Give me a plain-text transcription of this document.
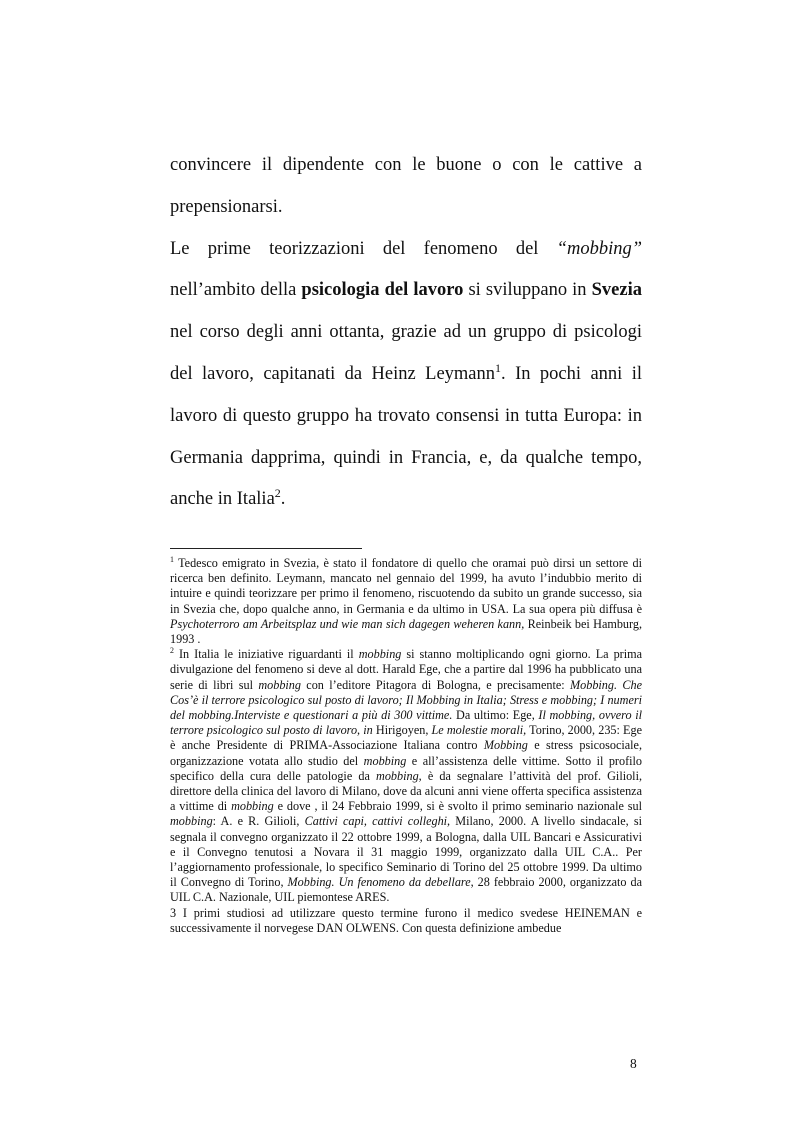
convincere il dipendente con le buone o con le cattive a prepensionarsi.

Le prime teorizzazioni del fenomeno del “mobbing” nell’ambito della psicologia del lavoro si sviluppano in Svezia nel corso degli anni ottanta, grazie ad un gruppo di psicologi del lavoro, capitanati da Heinz Leymann$^1$. In pochi anni il lavoro di questo gruppo ha trovato consensi in tutta Europa: in Germania dapprima, quindi in Francia, e, da qualche tempo, anche in Italia$^2$.

$^1$ Tedesco emigrato in Svezia, è stato il fondatore di quello che oramai può dirsi un settore di ricerca ben definito. Leymann, mancato nel gennaio del 1999, ha avuto l’indubbio merito di intuire e quindi teorizzare per primo il fenomeno, riscuotendo da subito un grande successo, sia in Svezia che, dopo qualche anno, in Germania e da ultimo in USA. La sua opera più diffusa è Psychoterroro am Arbeitsplaz und wie man sich dagegen weheren kann, Reinbeik bei Hamburg, 1993 .

$^2$ In Italia le iniziative riguardanti il mobbing si stanno moltiplicando ogni giorno. La prima divulgazione del fenomeno si deve al dott. Harald Ege, che a partire dal 1996 ha pubblicato una serie di libri sul mobbing con l’editore Pitagora di Bologna, e precisamente: Mobbing. Che Cos’è il terrore psicologico sul posto di lavoro; Il Mobbing in Italia; Stress e mobbing; I numeri del mobbing.Interviste e questionari a più di 300 vittime. Da ultimo: Ege, Il mobbing, ovvero il terrore psicologico sul posto di lavoro, in Hirigoyen, Le molestie morali, Torino, 2000, 235: Ege è anche Presidente di PRIMA-Associazione Italiana contro Mobbing e stress psicosociale, organizzazione votata allo studio del mobbing e all’assistenza delle vittime. Sotto il profilo specifico della cura delle patologie da mobbing, è da segnalare l’attività del prof. Gilioli, direttore della clinica del lavoro di Milano, dove da alcuni anni viene offerta specifica assistenza a vittime di mobbing e dove , il 24 Febbraio 1999, si è svolto il primo seminario nazionale sul mobbing: A. e R. Gilioli, Cattivi capi, cattivi colleghi, Milano, 2000. A livello sindacale, si segnala il convegno organizzato il 22 ottobre 1999, a Bologna, dalla UIL Bancari e Assicurativi e il Convegno tenutosi a Novara il 31 maggio 1999, organizzato dalla UIL C.A.. Per l’aggiornamento professionale, lo specifico Seminario di Torino del 25 ottobre 1999. Da ultimo il Convegno di Torino, Mobbing. Un fenomeno da debellare, 28 febbraio 2000, organizzato da UIL C.A. Nazionale, UIL piemontese ARES.

3 I primi studiosi ad utilizzare questo termine furono il medico svedese HEINEMAN e successivamente il norvegese DAN OLWENS. Con questa definizione ambedue

8
